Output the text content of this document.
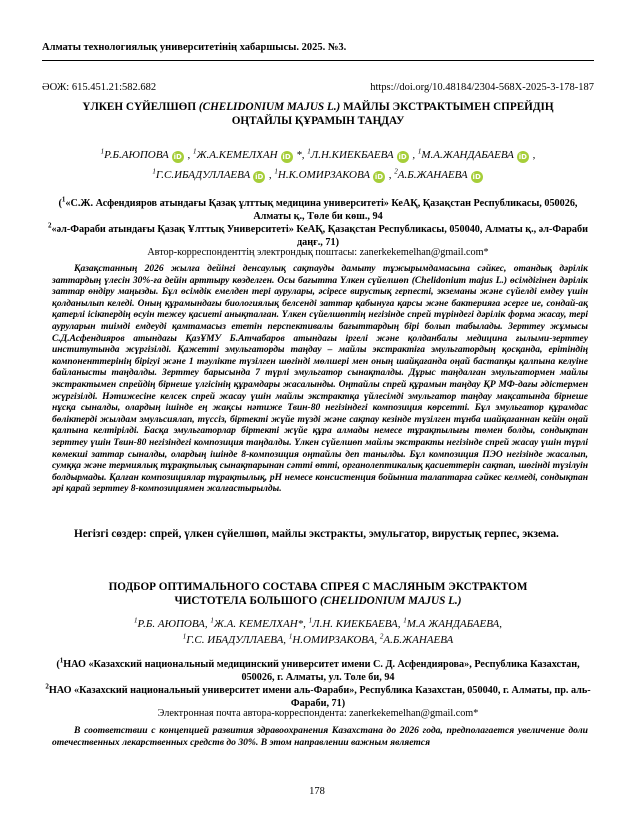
Алматы технологиялық университетінің хабаршысы. 2025. №3.
ӘОЖ: 615.451.21:582.682	https://doi.org/10.48184/2304-568X-2025-3-178-187
ҮЛКЕН СҮЙЕЛШӨП (CHELIDONIUM MAJUS L.) МАЙЛЫ ЭКСТРАКТЫМЕН СПРЕЙДІҢ
ОҢТАЙЛЫ ҚҰРАМЫН ТАҢДАУ
$^1$Р.Б.АЮПОВА iD , $^1$Ж.А.КЕМЕЛХАН iD *, $^1$Л.Н.КИЕКБАЕВА iD , $^1$М.А.ЖАНДАБАЕВА iD ,
$^1$Г.С.ИБАДУЛЛАЕВА iD , $^1$Н.К.ОМИРЗАКОВА iD , $^2$А.Б.ЖАНАЕВА iD
($^1$«С.Ж. Асфендияров атындағы Қазақ ұлттық медицина университеті» КеАҚ, Қазақстан Республикасы, 050026, Алматы қ., Төле би көш., 94
$^2$«әл-Фараби атындағы Қазақ Ұлттық Университеті» КеАҚ, Қазақстан Республикасы, 050040, Алматы қ., әл-Фараби даңғ., 71)
Автор-корреспонденттің электрондық поштасы: zanerkekemelhan@gmail.com*
Қазақстанның 2026 жылға дейінгі денсаулық сақтауды дамыту тұжырымдамасына сәйкес, отандық дәрілік заттардың үлесін 30%-ға дейін арттыру көзделген. Осы бағытта Үлкен сүйелшөп (Chelidonium majus L.) өсімдігінен дәрілік заттар өндіру маңызды. Бұл өсімдік емелден тері аурулары, әсіресе вирустық герпесті, экземаны және сүйелді емдеу үшін қолданылып келеді. Оның құрамындағы биологиялық белсенді заттар қабынуға қарсы және бактерияға әсерге ие, сондай-ақ қатерлі ісіктердің өсуін тежеу қасиеті анықталған. Үлкен сүйелшөптің негізінде спрей түріндегі дәрілік форма жасау, тері ауруларын тиімді емдеуді қамтамасыз ететін перспективалы бағыттардың бірі болып табылады. Зерттеу жұмысы С.Д.Асфендияров атындағы ҚазҰМУ Б.Атчабаров атындағы іргелі және қолданбалы медицина ғылыми-зерттеу институтында жүргізілді. Қажетті эмульгаторды таңдау – майлы экстрактіға эмульгатордың қосқанда, ерітіндің компоненттерінің бірігуі және 1 тәулікте түзілген шөгінді мөлшері мен оның шайқағанда оңай бастапқы қалпына келуіне байланысты таңдалды. Зерттеу барысында 7 түрлі эмульгатор сынақталды. Дұрыс таңдалған эмульгатормен майлы экстрактымен спрейдің бірнеше үлгісінің құрамдары жасалынды. Оңтайлы спрей құрамын таңдау ҚР МФ-дағы әдістермен жүргізілді. Нәтижесіне келсек спрей жасау үшін майлы экстрактқа үйлесімді эмульгатор таңдау мақсатында бірнеше нұсқа сыналды, олардың ішінде ең жақсы нәтиже Твин-80 негізіндегі композиция көрсетті. Бұл эмульгатор құрамдас бөліктерді жылдам эмульсиялап, түссіз, біртекті жүйе түзді және сақтау кезінде түзілген тұнба шайқағаннан кейін оңай қалпына келтірілді. Басқа эмульгаторлар біртекті жүйе құра алмады немесе тұрақтылығы төмен болды, сондықтан зерттеу үшін Твин-80 негізіндегі композиция таңдалды. Үлкен сүйелшөп майлы экстракты негізінде спрей жасау үшін түрлі көмекші заттар сыналды, олардың ішінде 8-композиция оңтайлы деп танылды. Бұл композиция ПЭО негізінде жасалып, сумққа және термиялық тұрақтылық сынақтарынан сәтті өтті, органолептикалық қасиеттерін сақтап, шөгінді түзілуін болдырмады. Қалған композициялар тұрақтылық, pH немесе консистенция бойынша талаптарға сәйкес келмеді, сондықтан әрі қарай зерттеу 8-композициямен жалғастырылды.
Негізгі сөздер: спрей, үлкен сүйелшөп, майлы экстракты, эмульгатор, вирустық герпес, экзема.
ПОДБОР ОПТИМАЛЬНОГО СОСТАВА СПРЕЯ С МАСЛЯНЫМ ЭКСТРАКТОМ
ЧИСТОТЕЛА БОЛЬШОГО (CHELIDONIUM MAJUS L.)
$^1$Р.Б. АЮПОВА, $^1$Ж.А. КЕМЕЛХАН*, $^1$Л.Н. КИЕКБАЕВА, $^1$М.А ЖАНДАБАЕВА,
$^1$Г.С. ИБАДУЛЛАЕВА, $^1$Н.ОМИРЗАКОВА, $^2$А.Б.ЖАНАЕВА
($^1$НАО «Казахский национальный медицинский университет имени С. Д. Асфендиярова», Республика Казахстан, 050026, г. Алматы, ул. Толе би, 94
$^2$НАО «Казахский национальный университет имени аль-Фараби», Республика Казахстан, 050040, г. Алматы, пр. аль-Фараби, 71)
Электронная почта автора-корреспондента: zanerkekemelhan@gmail.com*
В соответствии с концепцией развития здравоохранения Казахстана до 2026 года, предполагается увеличение доли отечественных лекарственных средств до 30%. В этом направлении важным является
178
